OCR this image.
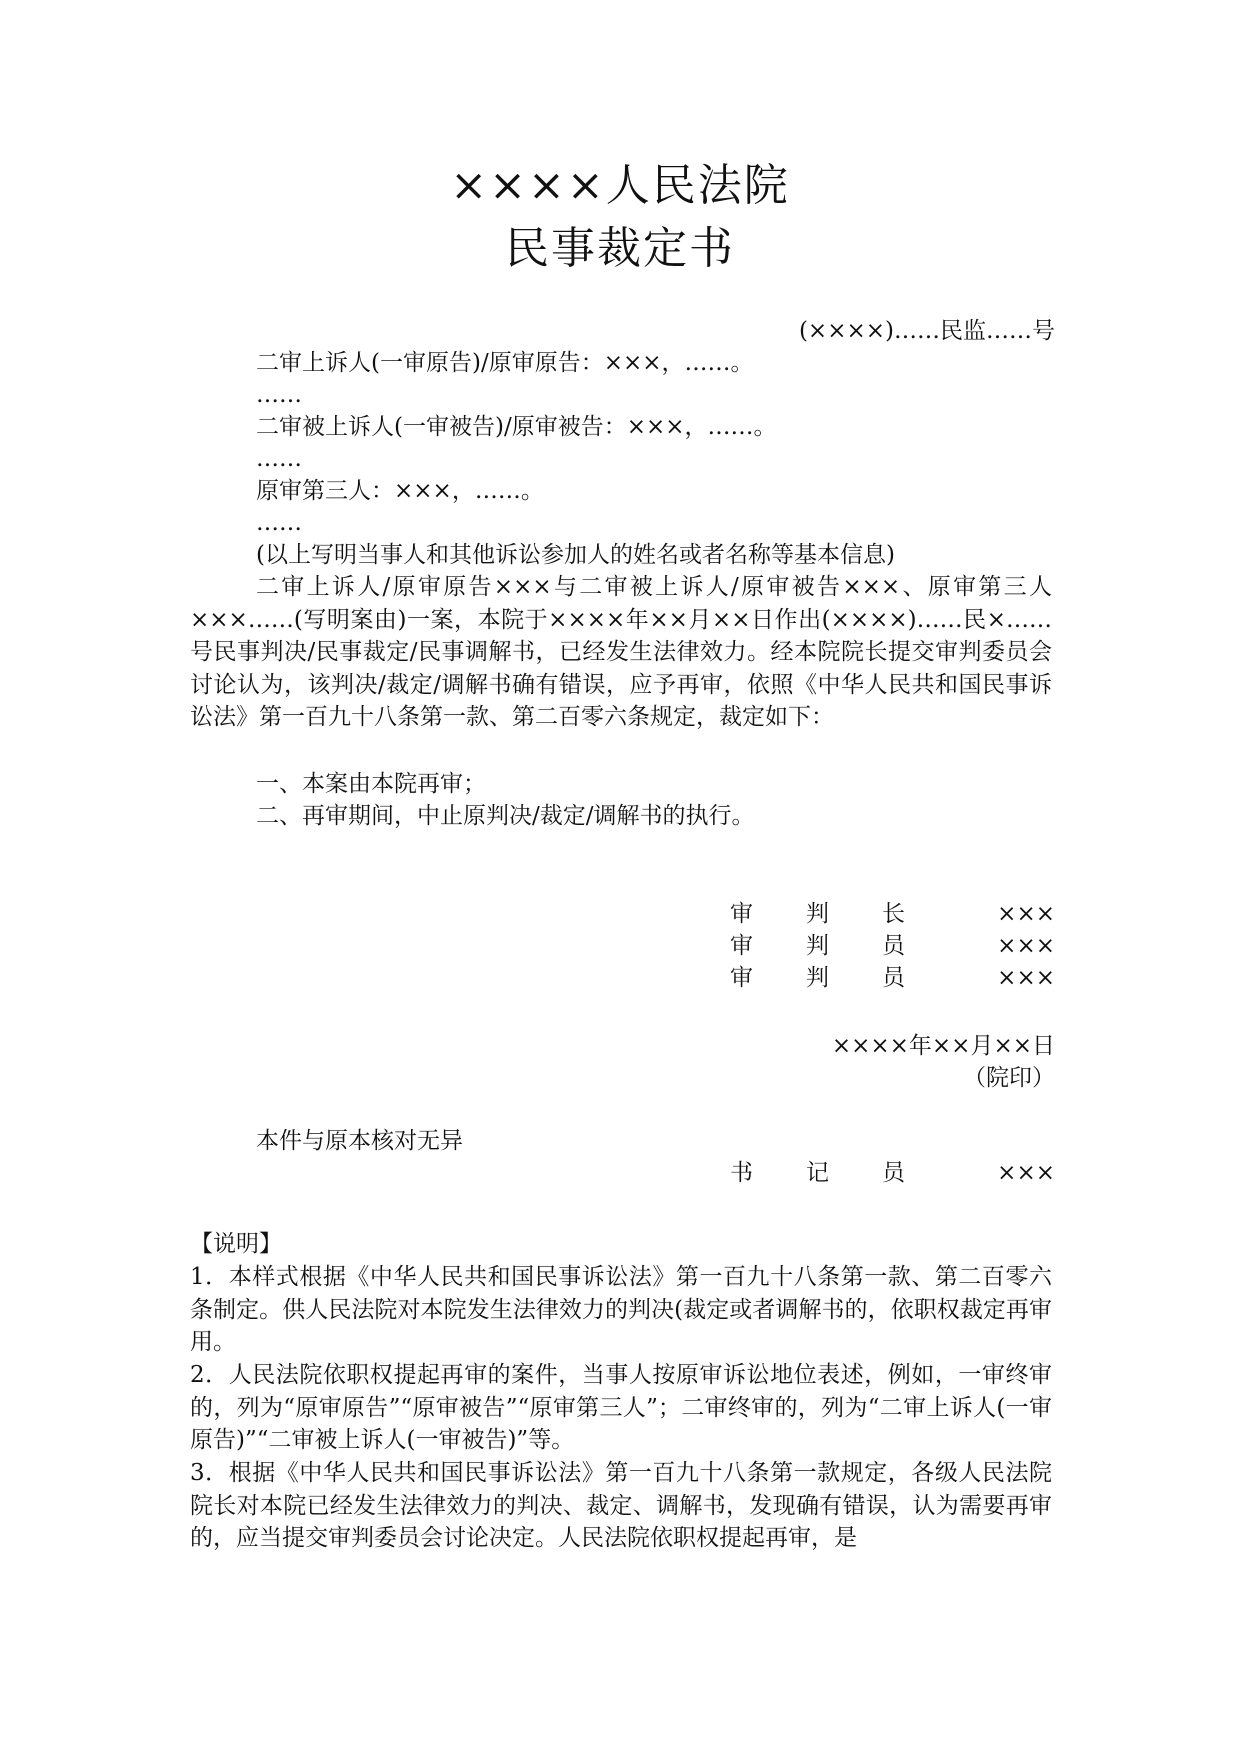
××××人民法院
民事裁定书
(××××)……民监……号
二审上诉人(一审原告)/原审原告：×××，……。
……
二审被上诉人(一审被告)/原审被告：×××，……。
……
原审第三人：×××，……。
……
(以上写明当事人和其他诉讼参加人的姓名或者名称等基本信息)
二审上诉人/原审原告×××与二审被上诉人/原审被告×××、原审第三人×××……(写明案由)一案，本院于××××年××月××日作出(××××)……民×……号民事判决/民事裁定/民事调解书，已经发生法律效力。经本院院长提交审判委员会讨论认为，该判决/裁定/调解书确有错误，应予再审，依照《中华人民共和国民事诉讼法》第一百九十八条第一款、第二百零六条规定，裁定如下：
一、本案由本院再审；
二、再审期间，中止原判决/裁定/调解书的执行。
审 判 长	×××
审 判 员	×××
审 判 员	×××
××××年××月××日
（院印）
本件与原本核对无异
书 记 员	×××
【说明】
1．本样式根据《中华人民共和国民事诉讼法》第一百九十八条第一款、第二百零六条制定。供人民法院对本院发生法律效力的判决(裁定或者调解书的，依职权裁定再审用。
2．人民法院依职权提起再审的案件，当事人按原审诉讼地位表述，例如，一审终审的，列为“原审原告”“原审被告”“原审第三人”；二审终审的，列为“二审上诉人(一审原告)”“二审被上诉人(一审被告)”等。
3．根据《中华人民共和国民事诉讼法》第一百九十八条第一款规定，各级人民法院院长对本院已经发生法律效力的判决、裁定、调解书，发现确有错误，认为需要再审的，应当提交审判委员会讨论决定。人民法院依职权提起再审，是
